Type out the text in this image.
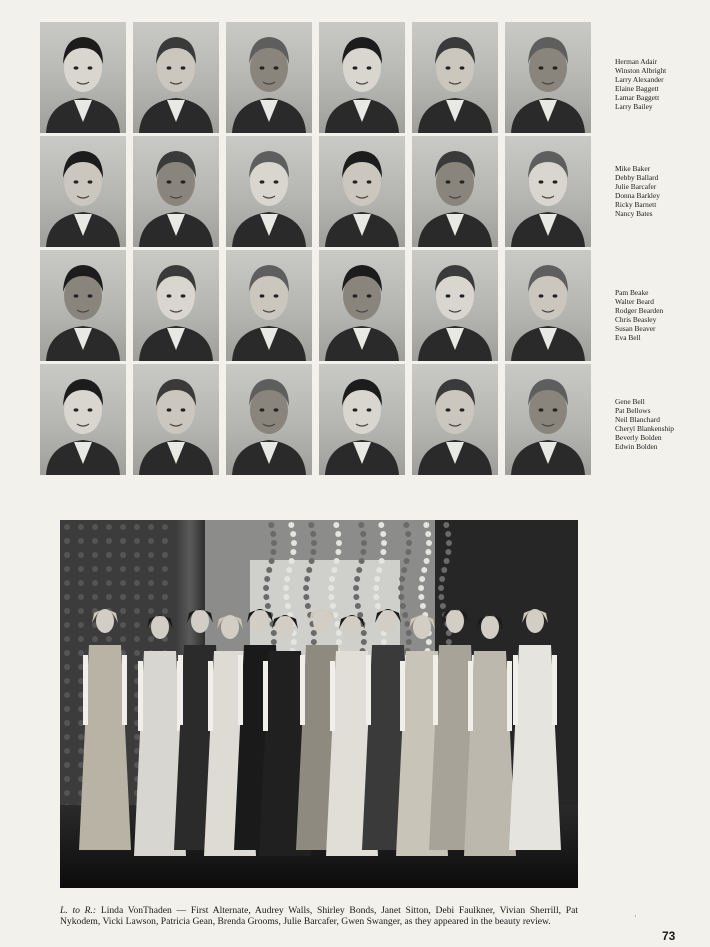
Herman Adair
Winston Albright
Larry Alexander
Elaine Baggett
Lamar Baggett
Larry Bailey
Mike Baker
Debby Ballard
Julie Barcafer
Donna Barkley
Ricky Barnett
Nancy Bates
Pam Beake
Walter Beard
Rodger Bearden
Chris Beasley
Susan Beaver
Eva Bell
Gene Bell
Pat Bellows
Neil Blanchard
Cheryl Blankenship
Beverly Bolden
Edwin Bolden

L. to R.: Linda VonThaden — First Alternate, Audrey Walls, Shirley Bonds, Janet Sitton, Debi Faulkner, Vivian Sherrill, Pat Nykodem, Vicki Lawson, Patricia Gean, Brenda Grooms, Julie Barcafer, Gwen Swanger, as they appeared in the beauty review.	·
73
